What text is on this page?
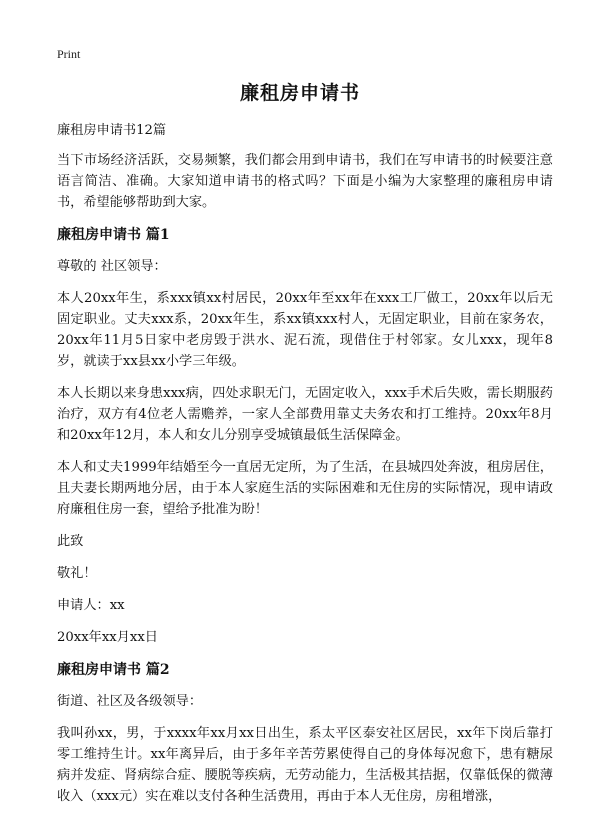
Print
廉租房申请书

廉租房申请书12篇

当下市场经济活跃，交易频繁，我们都会用到申请书，我们在写申请书的时候要注意语言简洁、准确。大家知道申请书的格式吗？下面是小编为大家整理的廉租房申请书，希望能够帮助到大家。

廉租房申请书 篇1

尊敬的 社区领导：

本人20xx年生，系xxx镇xx村居民，20xx年至xx年在xxx工厂做工，20xx年以后无固定职业。丈夫xxx系，20xx年生，系xx镇xxx村人，无固定职业，目前在家务农，20xx年11月5日家中老房毁于洪水、泥石流，现借住于村邻家。女儿xxx，现年8岁，就读于xx县xx小学三年级。

本人长期以来身患xxx病，四处求职无门，无固定收入，xxx手术后失败，需长期服药治疗，双方有4位老人需赡养，一家人全部费用靠丈夫务农和打工维持。20xx年8月和20xx年12月，本人和女儿分别享受城镇最低生活保障金。

本人和丈夫1999年结婚至今一直居无定所，为了生活，在县城四处奔波，租房居住，且夫妻长期两地分居，由于本人家庭生活的实际困难和无住房的实际情况，现申请政府廉租住房一套，望给予批准为盼！

此致

敬礼！

申请人：xx

20xx年xx月xx日

廉租房申请书 篇2

街道、社区及各级领导：

我叫孙xx，男，于xxxx年xx月xx日出生，系太平区泰安社区居民，xx年下岗后靠打零工维持生计。xx年离异后，由于多年辛苦劳累使得自己的身体每况愈下，患有糖尿病并发症、肾病综合症、腰脱等疾病，无劳动能力，生活极其拮据，仅靠低保的微薄收入（xxx元）实在难以支付各种生活费用，再由于本人无住房，房租增涨，
